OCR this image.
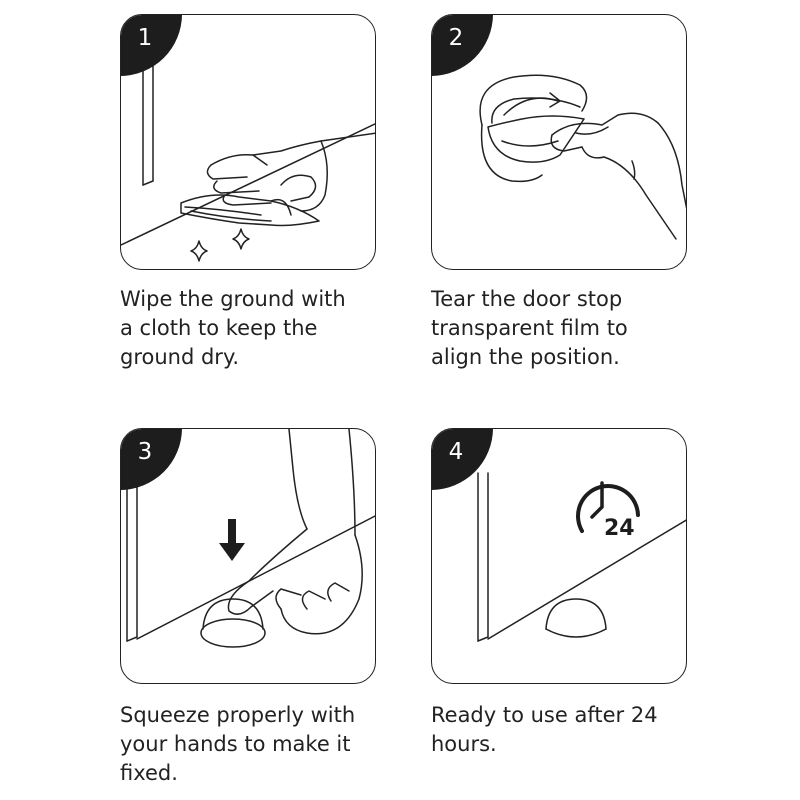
1
Wipe the ground with
a cloth to keep the
ground dry.
2
Tear the door stop
transparent film to
align the position.
3
Squeeze properly with
your hands to make it
fixed.
24
4
Ready to use after 24
hours.
